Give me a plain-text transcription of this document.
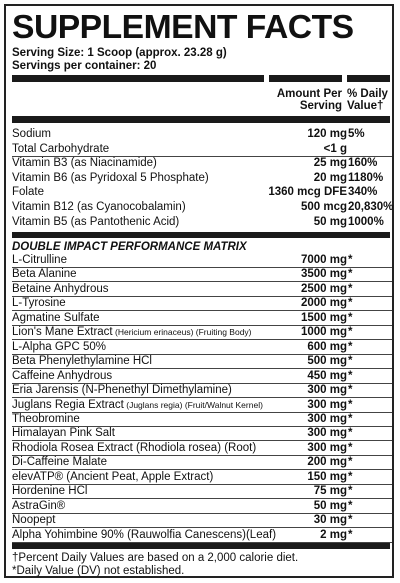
SUPPLEMENT FACTS
Serving Size: 1 Scoop (approx. 23.28 g)
Servings per container: 20
Amount Per
Serving
% Daily
Value†
Sodium	120 mg 5%
Total Carbohydrate	<1 g
Vitamin B3 (as Niacinamide)	25 mg 160%
Vitamin B6 (as Pyridoxal 5 Phosphate)	20 mg 1180%
Folate	1360 mcg DFE 340%
Vitamin B12 (as Cyanocobalamin)	500 mcg 20,830%
Vitamin B5 (as Pantothenic Acid)	50 mg 1000%
DOUBLE IMPACT PERFORMANCE MATRIX
L-Citrulline	7000 mg *
Beta Alanine	3500 mg *
Betaine Anhydrous	2500 mg *
L-Tyrosine	2000 mg *
Agmatine Sulfate	1500 mg *
Lion's Mane Extract (Hericium erinaceus) (Fruiting Body)	1000 mg *
L-Alpha GPC 50%	600 mg *
Beta Phenylethylamine HCl	500 mg *
Caffeine Anhydrous	450 mg *
Eria Jarensis (N-Phenethyl Dimethylamine)	300 mg *
Juglans Regia Extract (Juglans regia) (Fruit/Walnut Kernel)	300 mg *
Theobromine	300 mg *
Himalayan Pink Salt	300 mg *
Rhodiola Rosea Extract (Rhodiola rosea) (Root)	300 mg *
Di-Caffeine Malate	200 mg *
elevATP® (Ancient Peat, Apple Extract)	150 mg *
Hordenine HCl	75 mg *
AstraGin®	50 mg *
Noopept	30 mg *
Alpha Yohimbine 90% (Rauwolfia Canescens)(Leaf)	2 mg *
†Percent Daily Values are based on a 2,000 calorie diet.
*Daily Value (DV) not established.
